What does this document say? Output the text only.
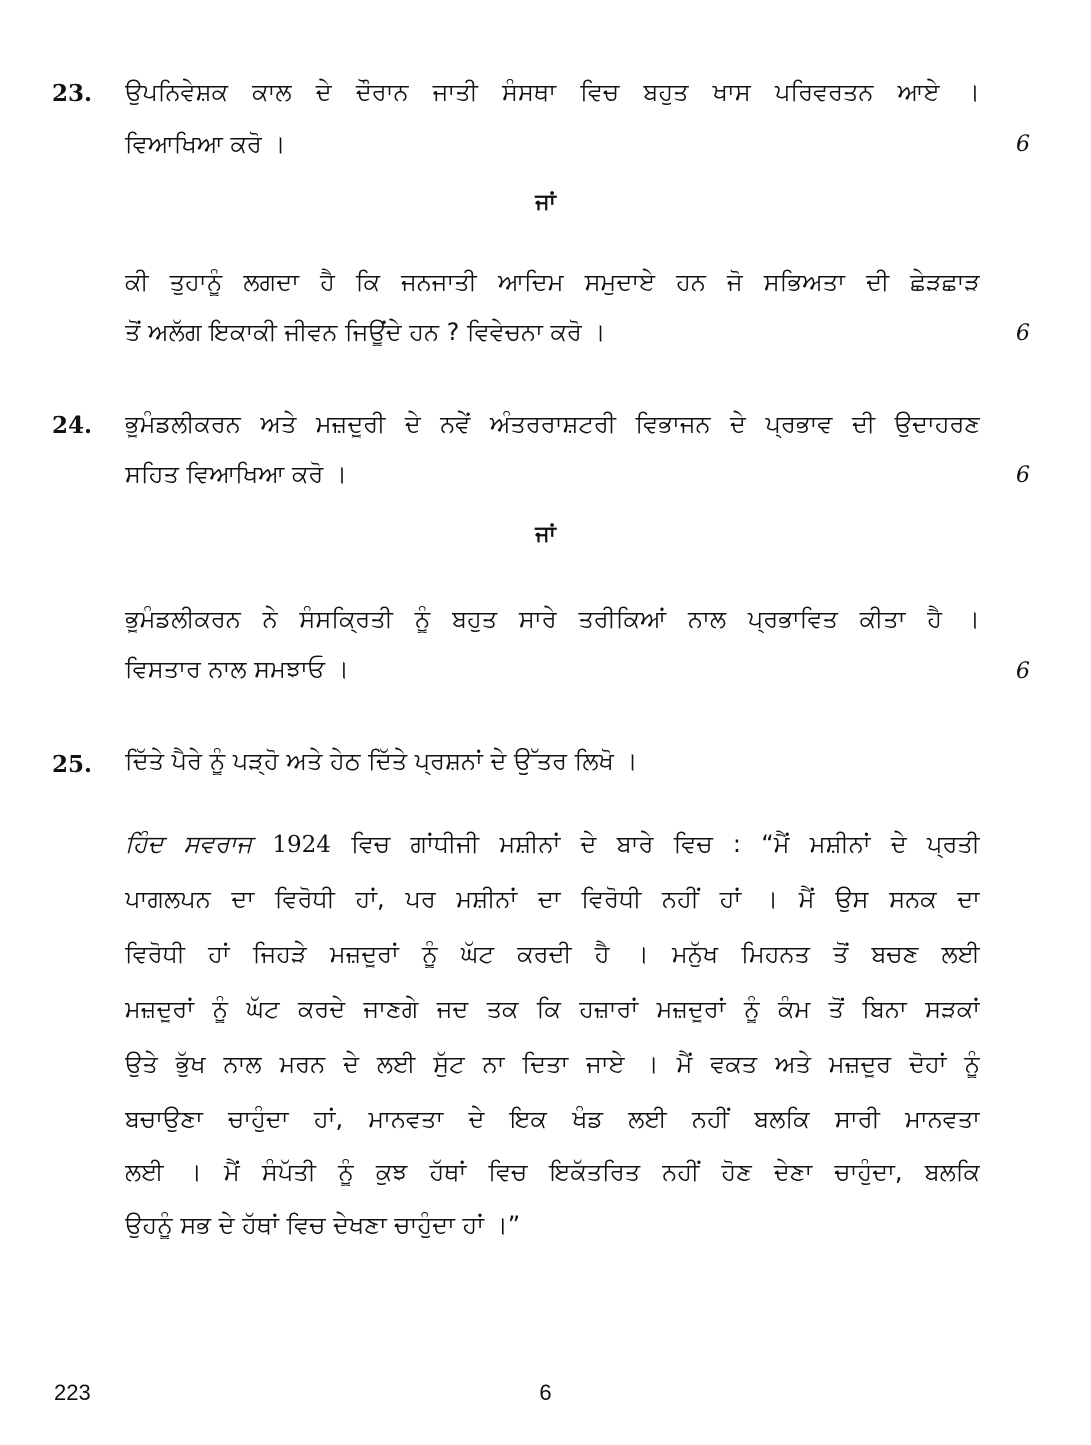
23. ਉਪਨਿਵੇਸ਼ਕ ਕਾਲ ਦੇ ਦੌਰਾਨ ਜਾਤੀ ਸੰਸਥਾ ਵਿਚ ਬਹੁਤ ਖਾਸ ਪਰਿਵਰਤਨ ਆਏ ।
ਵਿਆਖਿਆ ਕਰੋ ।	6
ਜਾਂ
ਕੀ ਤੁਹਾਨੂੰ ਲਗਦਾ ਹੈ ਕਿ ਜਨਜਾਤੀ ਆਦਿਮ ਸਮੁਦਾਏ ਹਨ ਜੋ ਸਭਿਅਤਾ ਦੀ ਛੇੜਛਾੜ
ਤੋਂ ਅਲੱਗ ਇਕਾਕੀ ਜੀਵਨ ਜਿਊਂਦੇ ਹਨ ? ਵਿਵੇਚਨਾ ਕਰੋ ।	6
24. ਭੂਮੰਡਲੀਕਰਨ ਅਤੇ ਮਜ਼ਦੂਰੀ ਦੇ ਨਵੇਂ ਅੰਤਰਰਾਸ਼ਟਰੀ ਵਿਭਾਜਨ ਦੇ ਪ੍ਰਭਾਵ ਦੀ ਉਦਾਹਰਣ
ਸਹਿਤ ਵਿਆਖਿਆ ਕਰੋ ।	6
ਜਾਂ
ਭੂਮੰਡਲੀਕਰਨ ਨੇ ਸੰਸਕ੍ਰਿਤੀ ਨੂੰ ਬਹੁਤ ਸਾਰੇ ਤਰੀਕਿਆਂ ਨਾਲ ਪ੍ਰਭਾਵਿਤ ਕੀਤਾ ਹੈ ।
ਵਿਸਤਾਰ ਨਾਲ ਸਮਝਾਓ ।	6
25. ਦਿੱਤੇ ਪੈਰੇ ਨੂੰ ਪੜ੍ਹੋ ਅਤੇ ਹੇਠ ਦਿੱਤੇ ਪ੍ਰਸ਼ਨਾਂ ਦੇ ਉੱਤਰ ਲਿਖੋ ।
ਹਿੰਦ ਸਵਰਾਜ 1924 ਵਿਚ ਗਾਂਧੀਜੀ ਮਸ਼ੀਨਾਂ ਦੇ ਬਾਰੇ ਵਿਚ : “ਮੈਂ ਮਸ਼ੀਨਾਂ ਦੇ ਪ੍ਰਤੀ
ਪਾਗਲਪਨ ਦਾ ਵਿਰੋਧੀ ਹਾਂ, ਪਰ ਮਸ਼ੀਨਾਂ ਦਾ ਵਿਰੋਧੀ ਨਹੀਂ ਹਾਂ । ਮੈਂ ਉਸ ਸਨਕ ਦਾ
ਵਿਰੋਧੀ ਹਾਂ ਜਿਹੜੇ ਮਜ਼ਦੂਰਾਂ ਨੂੰ ਘੱਟ ਕਰਦੀ ਹੈ । ਮਨੁੱਖ ਮਿਹਨਤ ਤੋਂ ਬਚਣ ਲਈ
ਮਜ਼ਦੂਰਾਂ ਨੂੰ ਘੱਟ ਕਰਦੇ ਜਾਣਗੇ ਜਦ ਤਕ ਕਿ ਹਜ਼ਾਰਾਂ ਮਜ਼ਦੂਰਾਂ ਨੂੰ ਕੰਮ ਤੋਂ ਬਿਨਾ ਸੜਕਾਂ
ਉਤੇ ਭੁੱਖ ਨਾਲ ਮਰਨ ਦੇ ਲਈ ਸੁੱਟ ਨਾ ਦਿਤਾ ਜਾਏ । ਮੈਂ ਵਕਤ ਅਤੇ ਮਜ਼ਦੂਰ ਦੋਹਾਂ ਨੂੰ
ਬਚਾਉਣਾ ਚਾਹੁੰਦਾ ਹਾਂ, ਮਾਨਵਤਾ ਦੇ ਇਕ ਖੰਡ ਲਈ ਨਹੀਂ ਬਲਕਿ ਸਾਰੀ ਮਾਨਵਤਾ
ਲਈ । ਮੈਂ ਸੰਪੱਤੀ ਨੂੰ ਕੁਝ ਹੱਥਾਂ ਵਿਚ ਇਕੱਤਰਿਤ ਨਹੀਂ ਹੋਣ ਦੇਣਾ ਚਾਹੁੰਦਾ, ਬਲਕਿ
ਉਹਨੂੰ ਸਭ ਦੇ ਹੱਥਾਂ ਵਿਚ ਦੇਖਣਾ ਚਾਹੁੰਦਾ ਹਾਂ ।”
223	6
